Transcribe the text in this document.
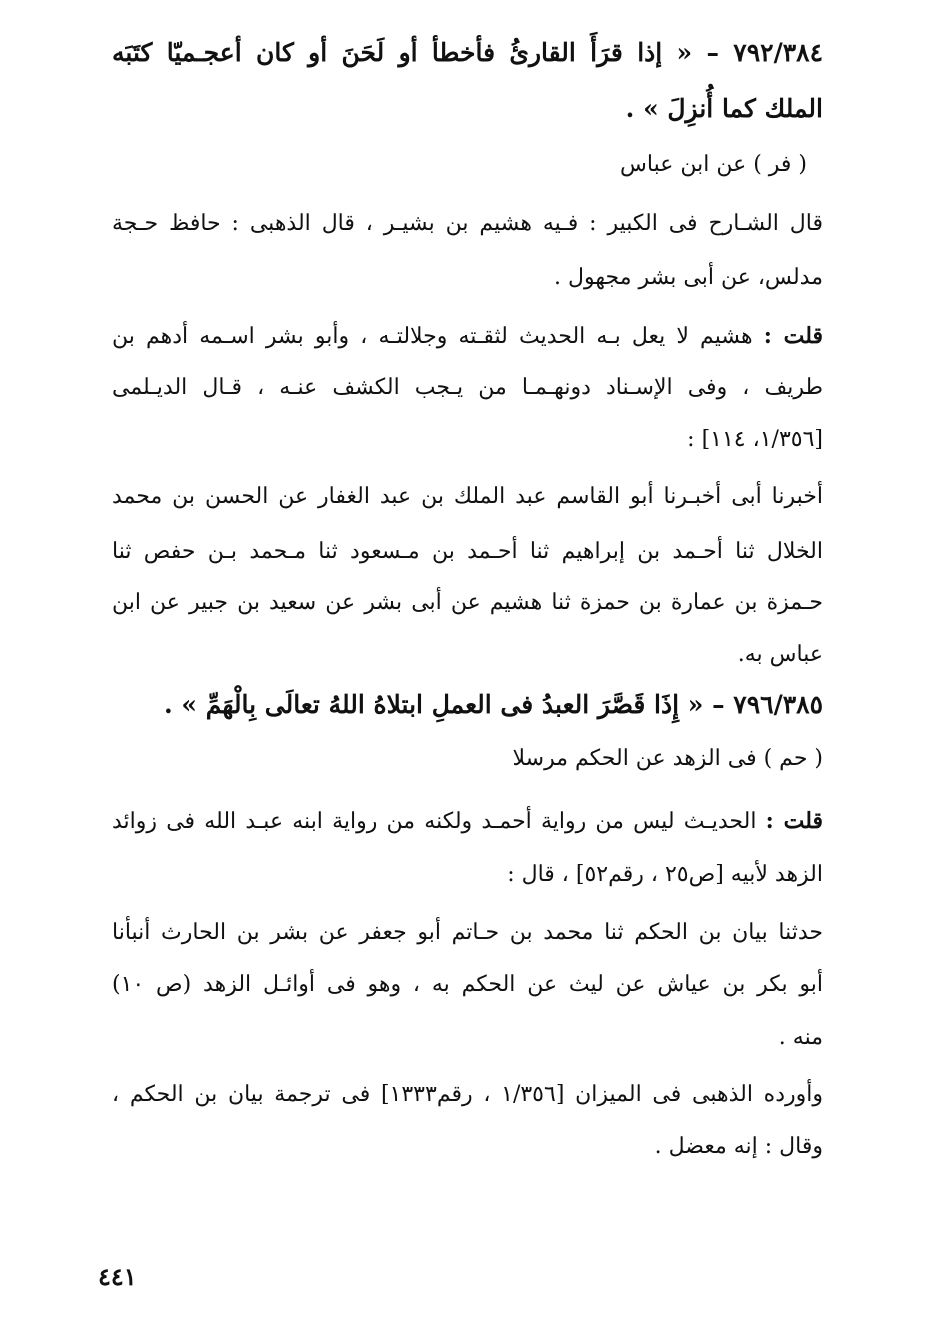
٧٩٢/٣٨٤ – « إذا قرَأَ القارئُ فأخطأ أو لَحَنَ أو كان أعجـميّا كتَبَه
الملك كما أُنزِلَ » .
( فر ) عن ابن عباس
قال الشـارح فى الكبير : فـيه هشيم بن بشيـر ، قال الذهبى : حافظ حـجة
مدلس، عن أبى بشر مجهول .
قلت : هشيم لا يعل بـه الحديث لثقـته وجلالتـه ، وأبو بشر اسـمه أدهم بن
طريف ، وفى الإسـناد دونهـمـا من يـجب الكشف عنـه ، قـال الديـلمى
[١/٣٥٦، ١١٤] :
أخبرنا أبى أخبـرنا أبو القاسم عبد الملك بن عبد الغفار عن الحسن بن محمد
الخلال ثنا أحـمد بن إبراهيم ثنا أحـمد بن مـسعود ثنا مـحمد بـن حفص ثنا
حـمزة بن عمارة بن حمزة ثنا هشيم عن أبى بشر عن سعيد بن جبير عن ابن
عباس به.
٧٩٦/٣٨٥ – « إِذَا قَصَّرَ العبدُ فى العملِ ابتلاهُ اللهُ تعالَى بِالْهَمِّ » .
( حم ) فى الزهد عن الحكم مرسلا
قلت : الحديـث ليس من رواية أحمـد ولكنه من رواية ابنه عبـد الله فى زوائد
الزهد لأبيه [ص٢٥ ، رقم٥٢] ، قال :
حدثنا بيان بن الحكم ثنا محمد بن حـاتم أبو جعفر عن بشر بن الحارث أنبأنا
أبو بكر بن عياش عن ليث عن الحكم به ، وهو فى أوائـل الزهد (ص ١٠)
منه .
وأورده الذهبى فى الميزان [١/٣٥٦ ، رقم١٣٣٣] فى ترجمة بيان بن الحكم ،
وقال : إنه معضل .
٤٤١
